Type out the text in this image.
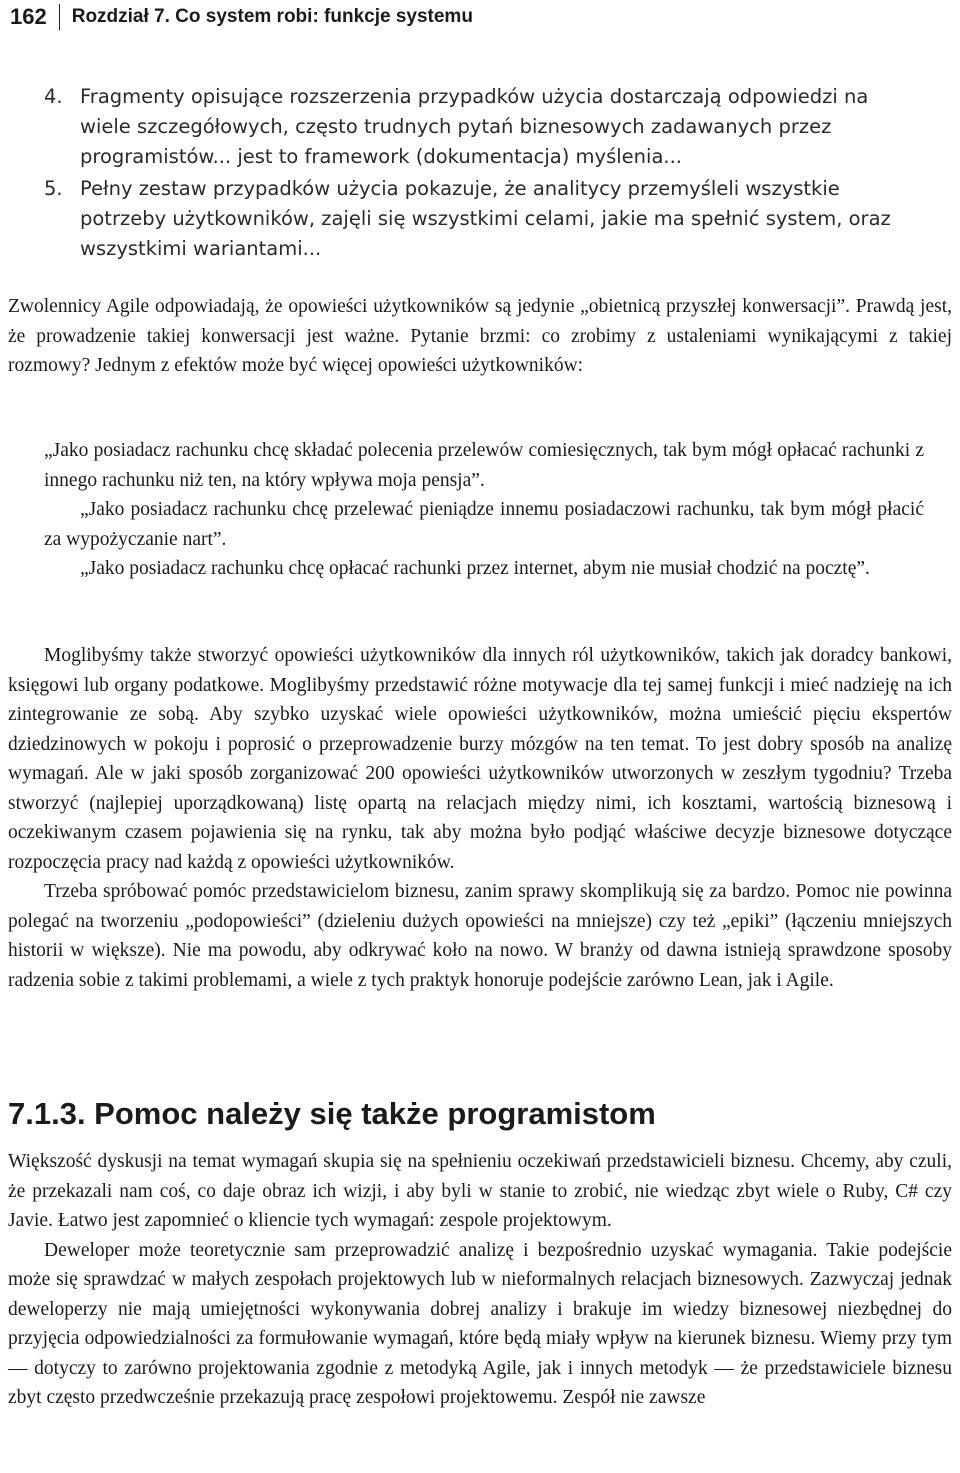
162 Rozdział 7. Co system robi: funkcje systemu
4. Fragmenty opisujące rozszerzenia przypadków użycia dostarczają odpowiedzi na wiele szczegółowych, często trudnych pytań biznesowych zadawanych przez programistów... jest to framework (dokumentacja) myślenia...
5. Pełny zestaw przypadków użycia pokazuje, że analitycy przemyśleli wszystkie potrzeby użytkowników, zajęli się wszystkimi celami, jakie ma spełnić system, oraz wszystkimi wariantami...

Zwolennicy Agile odpowiadają, że opowieści użytkowników są jedynie „obietnicą przyszłej konwersacji”. Prawdą jest, że prowadzenie takiej konwersacji jest ważne. Pytanie brzmi: co zrobimy z ustaleniami wynikającymi z takiej rozmowy? Jednym z efektów może być więcej opowieści użytkowników:

„Jako posiadacz rachunku chcę składać polecenia przelewów comiesięcznych, tak bym mógł opłacać rachunki z innego rachunku niż ten, na który wpływa moja pensja”.

„Jako posiadacz rachunku chcę przelewać pieniądze innemu posiadaczowi rachunku, tak bym mógł płacić za wypożyczanie nart”.

„Jako posiadacz rachunku chcę opłacać rachunki przez internet, abym nie musiał chodzić na pocztę”.

Moglibyśmy także stworzyć opowieści użytkowników dla innych ról użytkowników, takich jak doradcy bankowi, księgowi lub organy podatkowe. Moglibyśmy przedstawić różne motywacje dla tej samej funkcji i mieć nadzieję na ich zintegrowanie ze sobą. Aby szybko uzyskać wiele opowieści użytkowników, można umieścić pięciu ekspertów dziedzinowych w pokoju i poprosić o przeprowadzenie burzy mózgów na ten temat. To jest dobry sposób na analizę wymagań. Ale w jaki sposób zorganizować 200 opowieści użytkowników utworzonych w zeszłym tygodniu? Trzeba stworzyć (najlepiej uporządkowaną) listę opartą na relacjach między nimi, ich kosztami, wartością biznesową i oczekiwanym czasem pojawienia się na rynku, tak aby można było podjąć właściwe decyzje biznesowe dotyczące rozpoczęcia pracy nad każdą z opowieści użytkowników.

Trzeba spróbować pomóc przedstawicielom biznesu, zanim sprawy skomplikują się za bardzo. Pomoc nie powinna polegać na tworzeniu „podopowieści” (dzieleniu dużych opowieści na mniejsze) czy też „epiki” (łączeniu mniejszych historii w większe). Nie ma powodu, aby odkrywać koło na nowo. W branży od dawna istnieją sprawdzone sposoby radzenia sobie z takimi problemami, a wiele z tych praktyk honoruje podejście zarówno Lean, jak i Agile.

7.1.3. Pomoc należy się także programistom

Większość dyskusji na temat wymagań skupia się na spełnieniu oczekiwań przedstawicieli biznesu. Chcemy, aby czuli, że przekazali nam coś, co daje obraz ich wizji, i aby byli w stanie to zrobić, nie wiedząc zbyt wiele o Ruby, C# czy Javie. Łatwo jest zapomnieć o kliencie tych wymagań: zespole projektowym.

Deweloper może teoretycznie sam przeprowadzić analizę i bezpośrednio uzyskać wymagania. Takie podejście może się sprawdzać w małych zespołach projektowych lub w nieformalnych relacjach biznesowych. Zazwyczaj jednak deweloperzy nie mają umiejętności wykonywania dobrej analizy i brakuje im wiedzy biznesowej niezbędnej do przyjęcia odpowiedzialności za formułowanie wymagań, które będą miały wpływ na kierunek biznesu. Wiemy przy tym — dotyczy to zarówno projektowania zgodnie z metodyką Agile, jak i innych metodyk — że przedstawiciele biznesu zbyt często przedwcześnie przekazują pracę zespołowi projektowemu. Zespół nie zawsze
